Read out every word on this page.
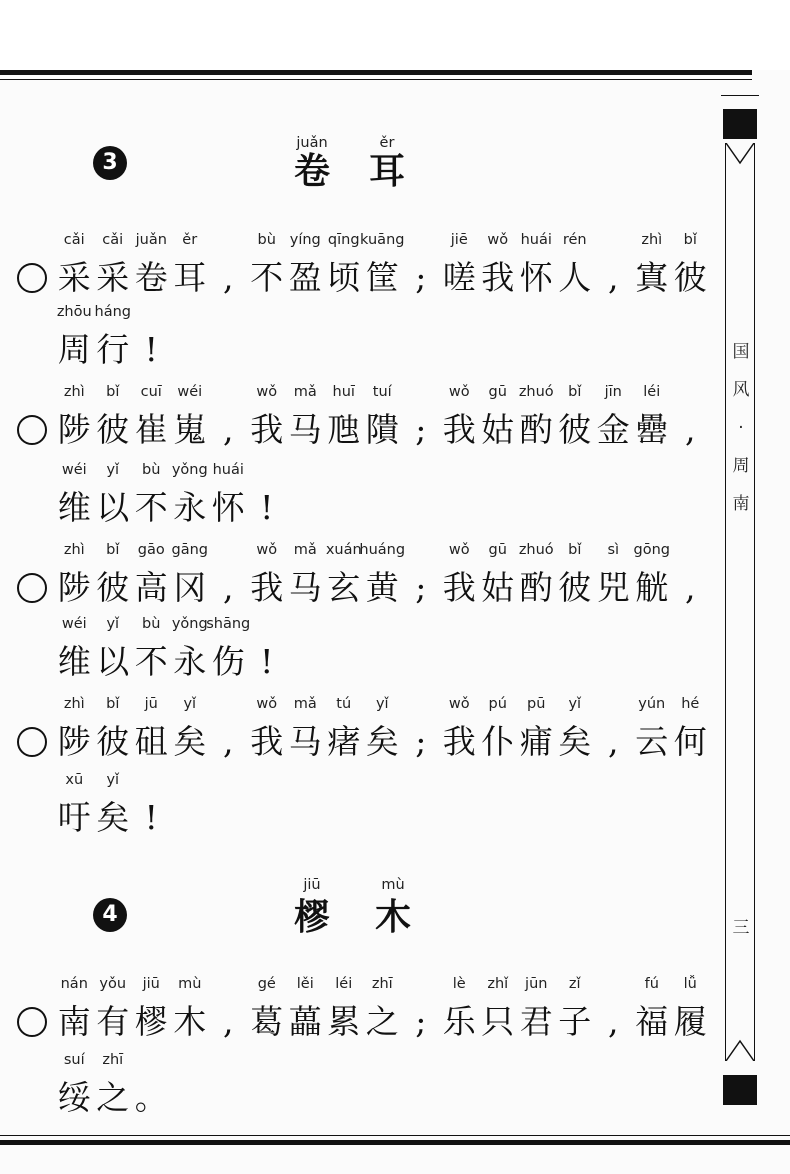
国
风
·
周
南
三
3
juǎn	ěr
卷 耳
4
jiū	mù
樛 木
采
cǎi
采
cǎi
卷
juǎn
耳
ěr
, 不
bù
盈
yíng
顷
qīng
筐
kuāng
; 嗟
jiē
我
wǒ
怀
huái
人
rén
, 寘
zhì
彼
bǐ
周
zhōu
行
háng
!
陟
zhì
彼
bǐ
崔
cuī
嵬
wéi
, 我
wǒ
马
mǎ
虺
huī
隤
tuí
; 我
wǒ
姑
gū
酌
zhuó
彼
bǐ
金
jīn
罍
léi
,
维
wéi
以
yǐ
不
bù
永
yǒng
怀
huái
!
陟
zhì
彼
bǐ
高
gāo
冈
gāng
, 我
wǒ
马
mǎ
玄
xuán
黄
huáng
; 我
wǒ
姑
gū
酌
zhuó
彼
bǐ
兕
sì
觥
gōng
,
维
wéi
以
yǐ
不
bù
永
yǒng
伤
shāng
!
陟
zhì
彼
bǐ
砠
jū
矣
yǐ
, 我
wǒ
马
mǎ
瘏
tú
矣
yǐ
; 我
wǒ
仆
pú
痡
pū
矣
yǐ
, 云
yún
何
hé
吁
xū
矣
yǐ
!
南
nán
有
yǒu
樛
jiū
木
mù
, 葛
gé
藟
lěi
累
léi
之
zhī
; 乐
lè
只
zhǐ
君
jūn
子
zǐ
, 福
fú
履
lǚ
绥
suí
之
zhī
。
